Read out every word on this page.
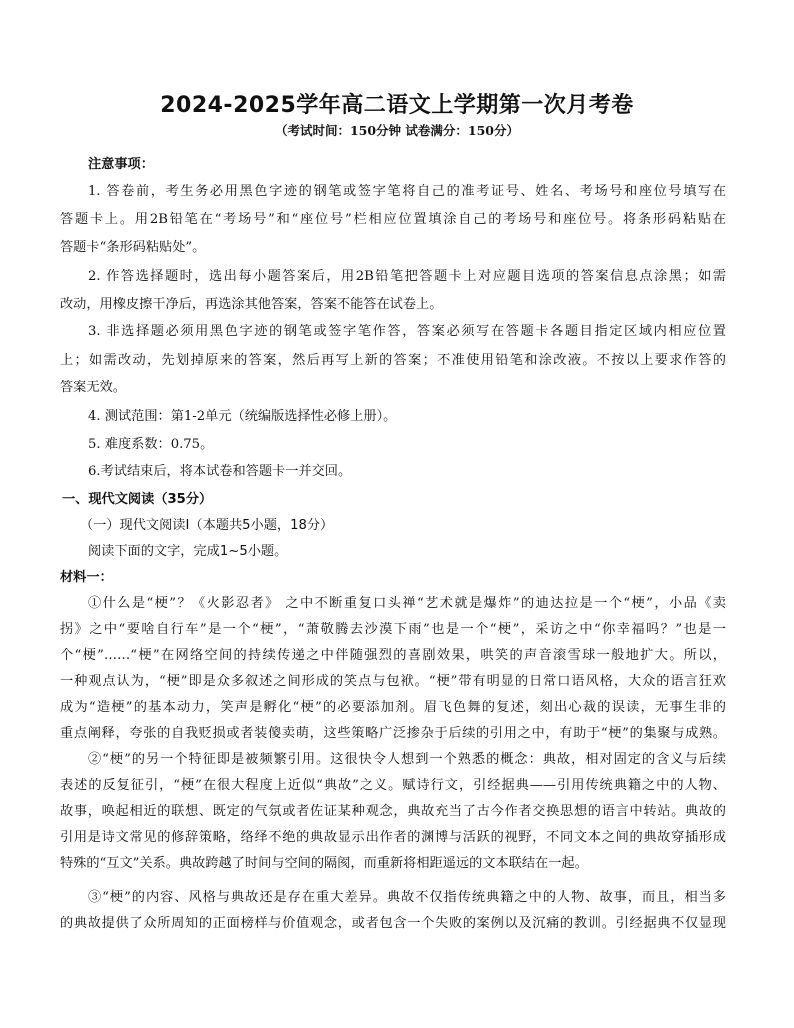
2024-2025学年高二语文上学期第一次月考卷
（考试时间：150分钟 试卷满分：150分）
注意事项：
1. 答卷前，考生务必用黑色字迹的钢笔或签字笔将自己的准考证号、姓名、考场号和座位号填写在
答题卡上。用2B铅笔在“考场号”和“座位号”栏相应位置填涂自己的考场号和座位号。将条形码粘贴在
答题卡“条形码粘贴处”。
2. 作答选择题时，选出每小题答案后，用2B铅笔把答题卡上对应题目选项的答案信息点涂黑；如需
改动，用橡皮擦干净后，再选涂其他答案，答案不能答在试卷上。
3. 非选择题必须用黑色字迹的钢笔或签字笔作答，答案必须写在答题卡各题目指定区域内相应位置
上；如需改动，先划掉原来的答案，然后再写上新的答案；不准使用铅笔和涂改液。不按以上要求作答的
答案无效。
4. 测试范围：第1-2单元（统编版选择性必修上册）。
5. 难度系数：0.75。
6.考试结束后，将本试卷和答题卡一并交回。
一、现代文阅读（35分）
（一）现代文阅读Ⅰ（本题共5小题，18分）
阅读下面的文字，完成1~5小题。
材料一：
①什么是“梗”？《火影忍者》 之中不断重复口头禅“艺术就是爆炸”的迪达拉是一个“梗”，小品《卖
拐》之中“要啥自行车”是一个“梗”，“萧敬腾去沙漠下雨”也是一个“梗”，采访之中“你幸福吗？”也是一
个“梗”……“梗”在网络空间的持续传递之中伴随强烈的喜剧效果，哄笑的声音滚雪球一般地扩大。所以，
一种观点认为，“梗”即是众多叙述之间形成的笑点与包袱。“梗”带有明显的日常口语风格，大众的语言狂欢
成为“造梗”的基本动力，笑声是孵化“梗”的必要添加剂。眉飞色舞的复述，刻出心裁的误读，无事生非的
重点阐释，夸张的自我贬损或者装傻卖萌，这些策略广泛掺杂于后续的引用之中，有助于“梗”的集聚与成熟。
②“梗”的另一个特征即是被频繁引用。这很快令人想到一个熟悉的概念：典故，相对固定的含义与后续
表述的反复征引，“梗”在很大程度上近似“典故”之义。赋诗行文，引经据典——引用传统典籍之中的人物、
故事，唤起相近的联想、既定的气氛或者佐证某种观念，典故充当了古今作者交换思想的语言中转站。典故的
引用是诗文常见的修辞策略，络绎不绝的典故显示出作者的渊博与活跃的视野，不同文本之间的典故穿插形成
特殊的“互文”关系。典故跨越了时间与空间的隔阂，而重新将相距遥远的文本联结在一起。
③“梗”的内容、风格与典故还是存在重大差异。典故不仅指传统典籍之中的人物、故事，而且，相当多
的典故提供了众所周知的正面榜样与价值观念，或者包含一个失败的案例以及沉痛的教训。引经据典不仅显现
